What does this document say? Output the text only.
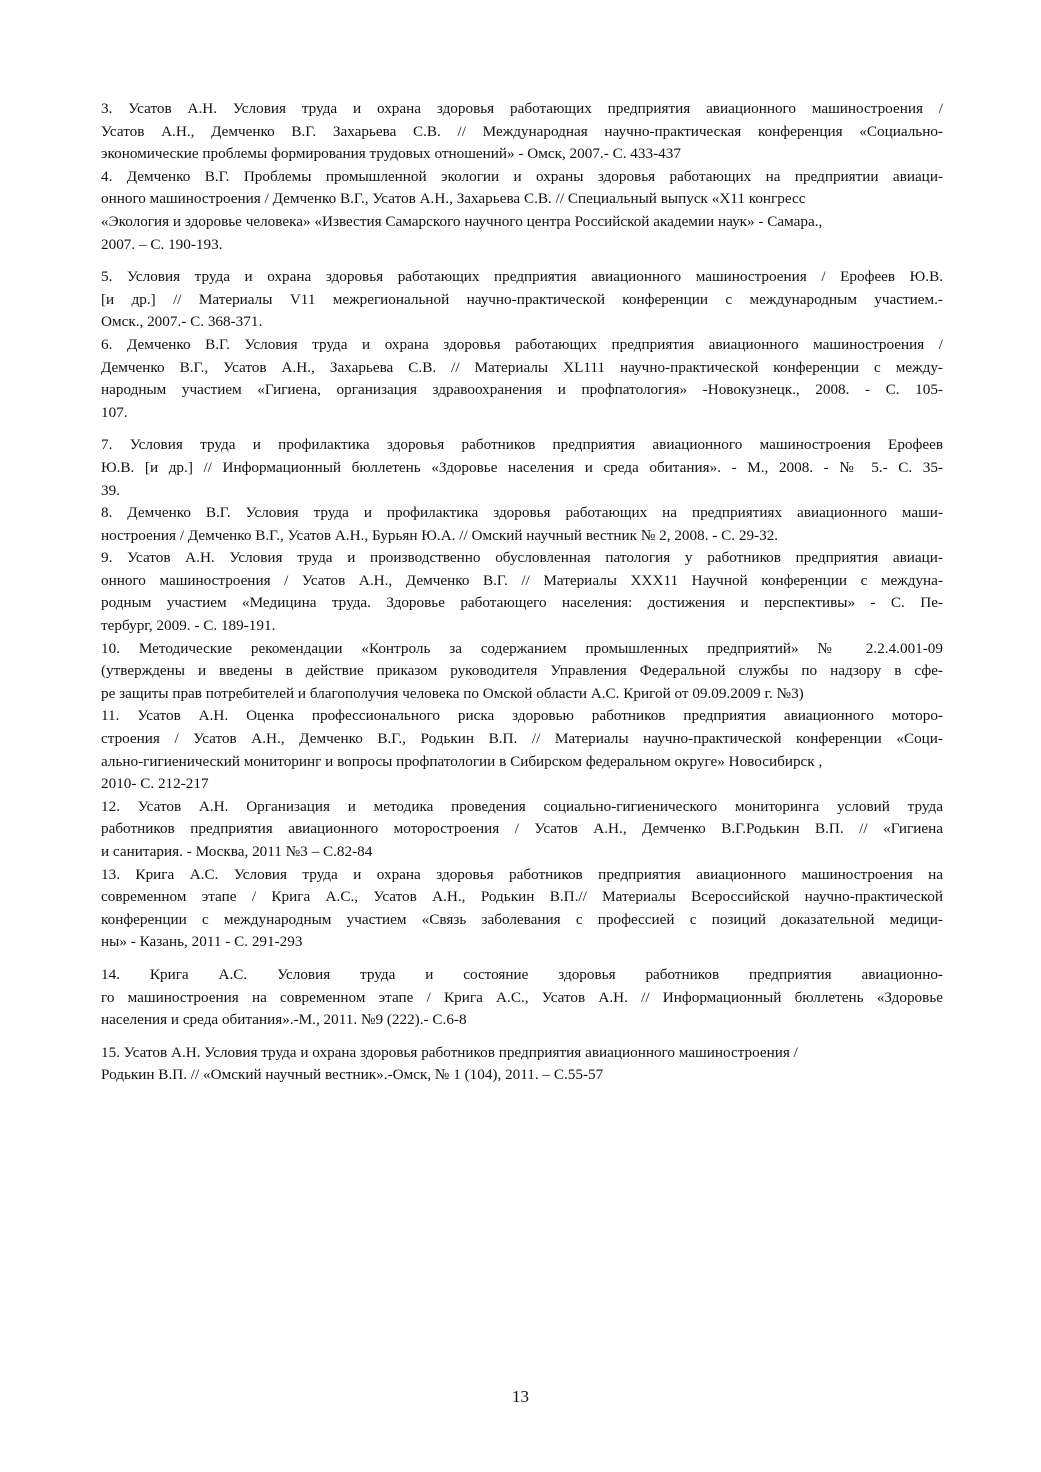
3. Усатов А.Н. Условия труда и охрана здоровья работающих предприятия авиационного машиностроения /
Усатов А.Н., Демченко В.Г. Захарьева С.В. // Международная научно-практическая конференция «Социально-
экономические проблемы формирования трудовых отношений» - Омск, 2007.- С. 433-437

4. Демченко В.Г. Проблемы промышленной экологии и охраны здоровья работающих на предприятии авиаци-
онного машиностроения / Демченко В.Г., Усатов А.Н., Захарьева С.В. // Специальный выпуск «Х11 конгресс
«Экология и здоровье человека» «Известия Самарского научного центра Российской академии наук» - Самара.,
2007. – С. 190-193.

5. Условия труда и охрана здоровья работающих предприятия авиационного машиностроения / Ерофеев Ю.В.
[и др.] // Материалы V11 межрегиональной научно-практической конференции с международным участием.-
Омск., 2007.- С. 368-371.

6. Демченко В.Г. Условия труда и охрана здоровья работающих предприятия авиационного машиностроения /
Демченко В.Г., Усатов А.Н., Захарьева С.В. // Материалы XL111 научно-практической конференции с между-
народным участием «Гигиена, организация здравоохранения и профпатология» -Новокузнецк., 2008. - С. 105-
107.

7. Условия труда и профилактика здоровья работников предприятия авиационного машиностроения Ерофеев
Ю.В. [и др.] // Информационный бюллетень «Здоровье населения и среда обитания». - М., 2008. - № 5.- С. 35-
39.

8. Демченко В.Г. Условия труда и профилактика здоровья работающих на предприятиях авиационного маши-
ностроения / Демченко В.Г., Усатов А.Н., Бурьян Ю.А. // Омский научный вестник № 2, 2008. - С. 29-32.

9. Усатов А.Н. Условия труда и производственно обусловленная патология у работников предприятия авиаци-
онного машиностроения / Усатов А.Н., Демченко В.Г. // Материалы ХХХ11 Научной конференции с междуна-
родным участием «Медицина труда. Здоровье работающего населения: достижения и перспективы» - С. Пе-
тербург, 2009. - С. 189-191.

10. Методические рекомендации «Контроль за содержанием промышленных предприятий» № 2.2.4.001-09
(утверждены и введены в действие приказом руководителя Управления Федеральной службы по надзору в сфе-
ре защиты прав потребителей и благополучия человека по Омской области А.С. Кригой от 09.09.2009 г. №3)

11. Усатов А.Н. Оценка профессионального риска здоровью работников предприятия авиационного моторо-
строения / Усатов А.Н., Демченко В.Г., Родькин В.П. // Материалы научно-практической конференции «Соци-
ально-гигиенический мониторинг и вопросы профпатологии в Сибирском федеральном округе» Новосибирск ,
2010- С. 212-217

12. Усатов А.Н. Организация и методика проведения социально-гигиенического мониторинга условий труда
работников предприятия авиационного моторостроения / Усатов А.Н., Демченко В.Г.Родькин В.П. // «Гигиена
и санитария. - Москва, 2011 №3 – С.82-84

13. Крига А.С. Условия труда и охрана здоровья работников предприятия авиационного машиностроения на
современном этапе / Крига А.С., Усатов А.Н., Родькин В.П.// Материалы Всероссийской научно-практической
конференции с международным участием «Связь заболевания с профессией с позиций доказательной медици-
ны» - Казань, 2011 - С. 291-293

14. Крига А.С. Условия труда и состояние здоровья работников предприятия авиационно-
го машиностроения на современном этапе / Крига А.С., Усатов А.Н. // Информационный бюллетень «Здоровье
населения и среда обитания».-М., 2011. №9 (222).- С.6-8

15. Усатов А.Н. Условия труда и охрана здоровья работников предприятия авиационного машиностроения /
Родькин В.П. // «Омский научный вестник».-Омск, № 1 (104), 2011. – С.55-57

13
